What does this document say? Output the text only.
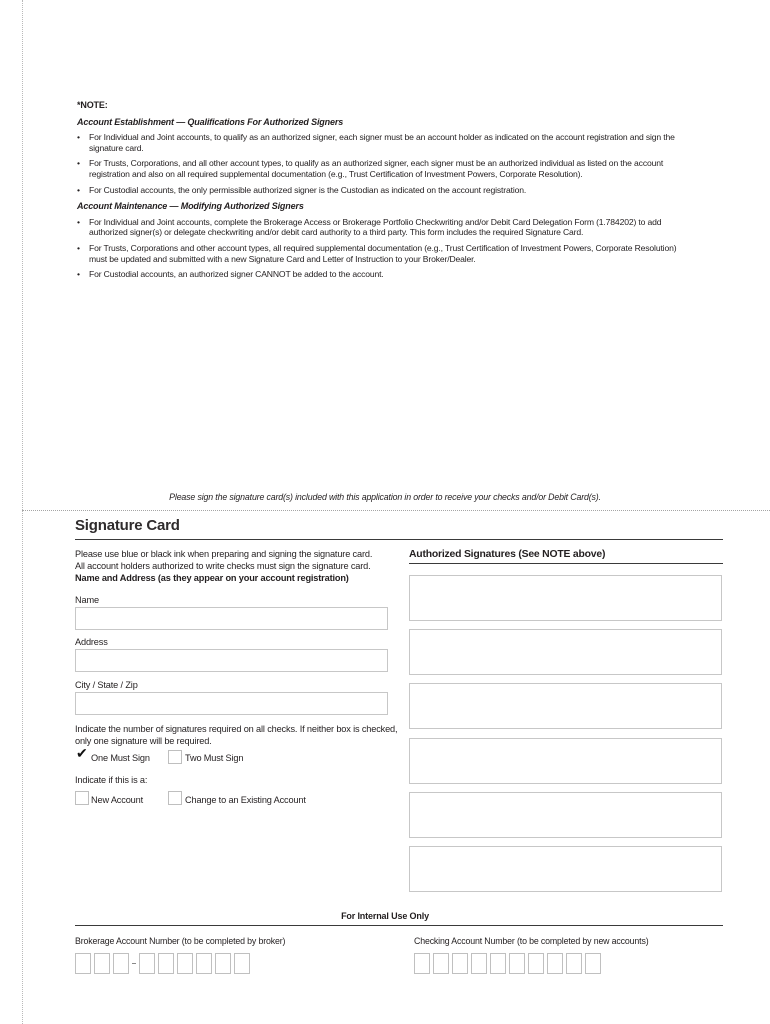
*NOTE:
Account Establishment — Qualifications For Authorized Signers
• For Individual and Joint accounts, to qualify as an authorized signer, each signer must be an account holder as indicated on the account registration and sign the signature card.
• For Trusts, Corporations, and all other account types, to qualify as an authorized signer, each signer must be an authorized individual as listed on the account registration and also on all required supplemental documentation (e.g., Trust Certification of Investment Powers, Corporate Resolution).
• For Custodial accounts, the only permissible authorized signer is the Custodian as indicated on the account registration.
Account Maintenance — Modifying Authorized Signers
• For Individual and Joint accounts, complete the Brokerage Access or Brokerage Portfolio Checkwriting and/or Debit Card Delegation Form (1.784202) to add authorized signer(s) or delegate checkwriting and/or debit card authority to a third party. This form includes the required Signature Card.
• For Trusts, Corporations and other account types, all required supplemental documentation (e.g., Trust Certification of Investment Powers, Corporate Resolution) must be updated and submitted with a new Signature Card and Letter of Instruction to your Broker/Dealer.
• For Custodial accounts, an authorized signer CANNOT be added to the account.
Please sign the signature card(s) included with this application in order to receive your checks and/or Debit Card(s).
Signature Card
Please use blue or black ink when preparing and signing the signature card.
All account holders authorized to write checks must sign the signature card.
Name and Address (as they appear on your account registration)
Authorized Signatures (See NOTE above)
Name
Address
City / State / Zip
Indicate the number of signatures required on all checks. If neither box is checked, only one signature will be required.
✔ One Must Sign	Two Must Sign
Indicate if this is a:
New Account	Change to an Existing Account
For Internal Use Only
Brokerage Account Number (to be completed by broker)	Checking Account Number (to be completed by new accounts)
